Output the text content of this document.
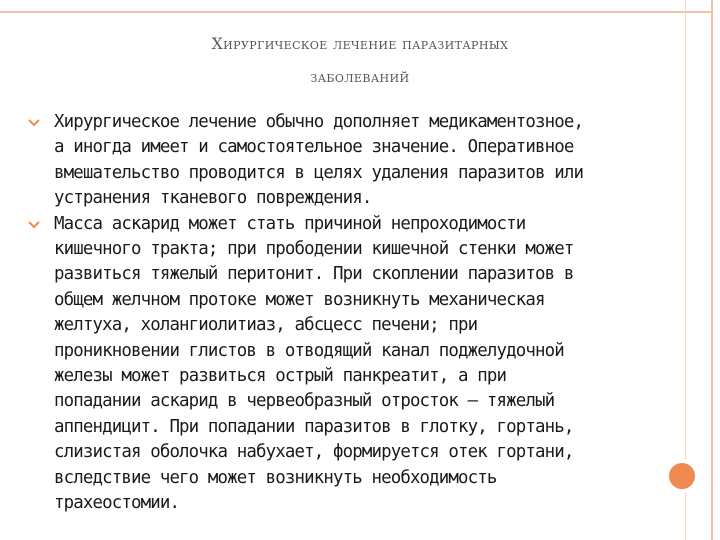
Хирургическое лечение паразитарных
заболеваний
Хирургическое лечение обычно дополняет медикаментозное,
а иногда имеет и самостоятельное значение. Оперативное
вмешательство проводится в целях удаления паразитов или
устранения тканевого повреждения.
Масса аскарид может стать причиной непроходимости
кишечного тракта; при прободении кишечной стенки может
развиться тяжелый перитонит. При скоплении паразитов в
общем желчном протоке может возникнуть механическая
желтуха, холангиолитиаз, абсцесс печени; при
проникновении глистов в отводящий канал поджелудочной
железы может развиться острый панкреатит, а при
попадании аскарид в червеобразный отросток — тяжелый
аппендицит. При попадании паразитов в глотку, гортань,
слизистая оболочка набухает, формируется отек гортани,
вследствие чего может возникнуть необходимость
трахеостомии.
